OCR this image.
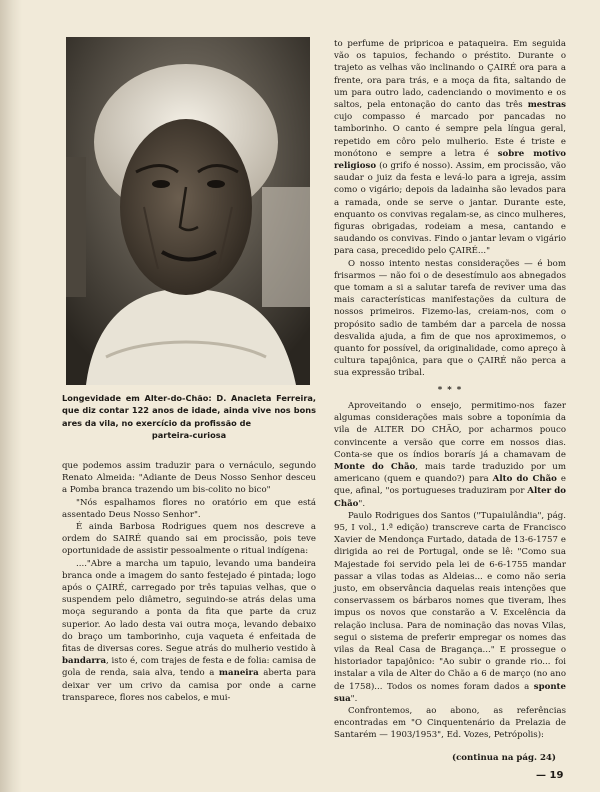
Longevidade em Alter-do-Chão: D. Anacleta Ferreira, que diz contar 122 anos de idade, ainda vive nos bons ares da vila, no exercício da profissão de
parteira-curiosa

que podemos assim traduzir para o vernáculo, segundo Renato Almeida: "Adiante de Deus Nosso Senhor desceu a Pomba branca trazendo um bis-colito no bico"

"Nós espalhamos flores no oratório em que está assentado Deus Nosso Senhor".

É ainda Barbosa Rodrigues quem nos descreve a ordem do SAIRÉ quando sai em procissão, pois teve oportunidade de assistir pessoalmente o ritual indígena:

...."Abre a marcha um tapuio, levando uma bandeira branca onde a imagem do santo festejado é pintada; logo após o ÇAIRÉ, carregado por três tapuias velhas, que o suspendem pelo diâmetro, seguindo-se atrás delas uma moça segurando a ponta da fita que parte da cruz superior. Ao lado desta vai outra moça, levando debaixo do braço um tamborinho, cuja vaqueta é enfeitada de fitas de diversas cores. Segue atrás do mulherio vestido à bandarra, isto é, com trajes de festa e de folia: camisa de gola de renda, saia alva, tendo a maneira aberta para deixar ver um crivo da camisa por onde a carne transparece, flores nos cabelos, e mui-

to perfume de pripricoa e pataqueira. Em seguida vão os tapuios, fechando o préstito. Durante o trajeto as velhas vão inclinando o ÇAIRÉ ora para a frente, ora para trás, e a moça da fita, saltando de um para outro lado, cadenciando o movimento e os saltos, pela entonação do canto das três mestras cujo compasso é marcado por pancadas no tamborinho. O canto é sempre pela língua geral, repetido em côro pelo mulherio. Este é triste e monótono e sempre a letra é sobre motivo religioso (o grifo é nosso). Assim, em procissão, vão saudar o juiz da festa e levá-lo para a igreja, assim como o vigário; depois da ladainha são levados para a ramada, onde se serve o jantar. Durante este, enquanto os convivas regalam-se, as cinco mulheres, figuras obrigadas, rodeiam a mesa, cantando e saudando os convivas. Findo o jantar levam o vigário para casa, precedido pelo ÇAIRÉ..."

O nosso intento nestas considerações — é bom frisarmos — não foi o de desestímulo aos abnegados que tomam a si a salutar tarefa de reviver uma das mais características manifestações da cultura de nossos primeiros. Fizemo-las, creiam-nos, com o propósito sadio de também dar a parcela de nossa desvalida ajuda, a fim de que nos aproximemos, o quanto for possível, da originalidade, como apreço à cultura tapajônica, para que o ÇAIRÉ não perca a sua expressão tribal.

* * *

Aproveitando o ensejo, permitimo-nos fazer algumas considerações mais sobre a toponímia da vila de ALTER DO CHÃO, por acharmos pouco convincente a versão que corre em nossos dias. Conta-se que os índios borarís já a chamavam de Monte do Chão, mais tarde traduzido por um americano (quem e quando?) para Alto do Chão e que, afinal, "os portugueses traduziram por Alter do Chão".

Paulo Rodrigues dos Santos ("Tupaiulândia", pág. 95, I vol., 1.ª edição) transcreve carta de Francisco Xavier de Mendonça Furtado, datada de 13-6-1757 e dirigida ao rei de Portugal, onde se lê: "Como sua Majestade foi servido pela lei de 6-6-1755 mandar passar a vilas todas as Aldeias... e como não seria justo, em observância daquelas reais intenções que conservassem os bárbaros nomes que tiveram, lhes impus os novos que constarão a V. Excelência da relação inclusa. Para de nominação das novas Vilas, segui o sistema de preferir empregar os nomes das vilas da Real Casa de Bragança..." E prossegue o historiador tapajônico: "Ao subir o grande rio... foi instalar a vila de Alter do Chão a 6 de março (no ano de 1758)... Todos os nomes foram dados a sponte sua".

Confrontemos, ao abono, as referências encontradas em "O Cinquentenário da Prelazia de Santarém — 1903/1953", Ed. Vozes, Petrópolis):

(continua na pág. 24)
— 19
